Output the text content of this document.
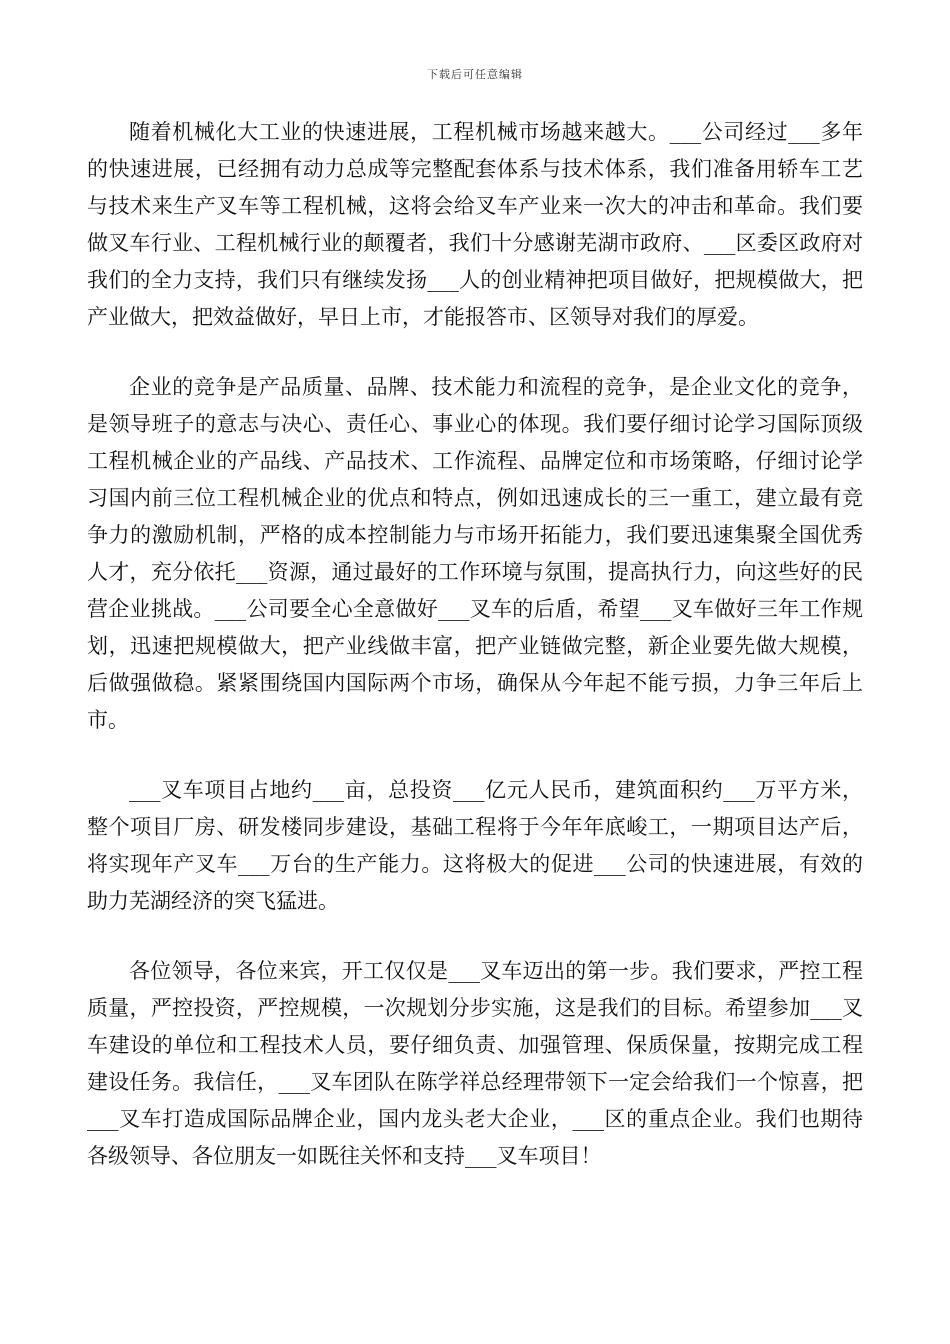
下载后可任意编辑

随着机械化大工业的快速进展，工程机械市场越来越大。___公司经过___多年的快速进展，已经拥有动力总成等完整配套体系与技术体系，我们准备用轿车工艺与技术来生产叉车等工程机械，这将会给叉车产业来一次大的冲击和革命。我们要做叉车行业、工程机械行业的颠覆者，我们十分感谢芜湖市政府、___区委区政府对我们的全力支持，我们只有继续发扬___人的创业精神把项目做好，把规模做大，把产业做大，把效益做好，早日上市，才能报答市、区领导对我们的厚爱。

企业的竞争是产品质量、品牌、技术能力和流程的竞争，是企业文化的竞争，是领导班子的意志与决心、责任心、事业心的体现。我们要仔细讨论学习国际顶级工程机械企业的产品线、产品技术、工作流程、品牌定位和市场策略，仔细讨论学习国内前三位工程机械企业的优点和特点，例如迅速成长的三一重工，建立最有竞争力的激励机制，严格的成本控制能力与市场开拓能力，我们要迅速集聚全国优秀人才，充分依托___资源，通过最好的工作环境与氛围，提高执行力，向这些好的民营企业挑战。___公司要全心全意做好___叉车的后盾，希望___叉车做好三年工作规划，迅速把规模做大，把产业线做丰富，把产业链做完整，新企业要先做大规模，后做强做稳。紧紧围绕国内国际两个市场，确保从今年起不能亏损，力争三年后上市。

___叉车项目占地约___亩，总投资___亿元人民币，建筑面积约___万平方米，整个项目厂房、研发楼同步建设，基础工程将于今年年底峻工，一期项目达产后，将实现年产叉车___万台的生产能力。这将极大的促进___公司的快速进展，有效的助力芜湖经济的突飞猛进。

各位领导，各位来宾，开工仅仅是___叉车迈出的第一步。我们要求，严控工程质量，严控投资，严控规模，一次规划分步实施，这是我们的目标。希望参加___叉车建设的单位和工程技术人员，要仔细负责、加强管理、保质保量，按期完成工程建设任务。我信任，___叉车团队在陈学祥总经理带领下一定会给我们一个惊喜，把___叉车打造成国际品牌企业，国内龙头老大企业，___区的重点企业。我们也期待各级领导、各位朋友一如既往关怀和支持___叉车项目！
